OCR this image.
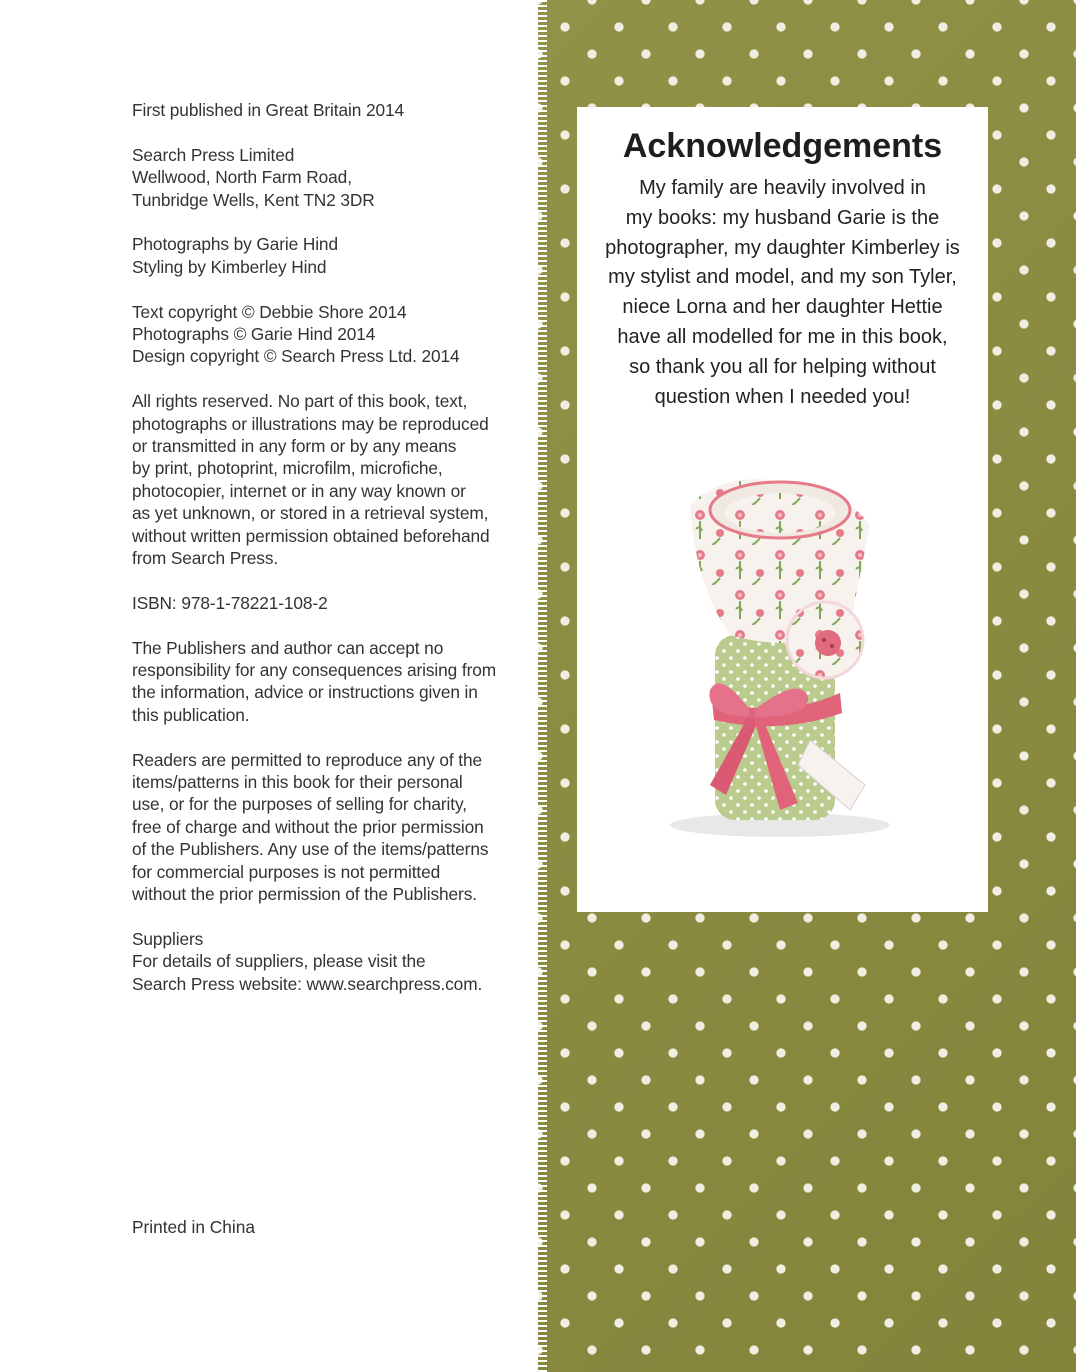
First published in Great Britain 2014

Search Press Limited
Wellwood, North Farm Road,
Tunbridge Wells, Kent TN2 3DR

Photographs by Garie Hind
Styling by Kimberley Hind

Text copyright © Debbie Shore 2014
Photographs © Garie Hind 2014
Design copyright © Search Press Ltd. 2014

All rights reserved. No part of this book, text,
photographs or illustrations may be reproduced
or transmitted in any form or by any means
by print, photoprint, microfilm, microfiche,
photocopier, internet or in any way known or
as yet unknown, or stored in a retrieval system,
without written permission obtained beforehand
from Search Press.

ISBN: 978-1-78221-108-2

The Publishers and author can accept no
responsibility for any consequences arising from
the information, advice or instructions given in
this publication.

Readers are permitted to reproduce any of the
items/patterns in this book for their personal
use, or for the purposes of selling for charity,
free of charge and without the prior permission
of the Publishers. Any use of the items/patterns
for commercial purposes is not permitted
without the prior permission of the Publishers.

Suppliers
For details of suppliers, please visit the
Search Press website: www.searchpress.com.

Printed in China
Acknowledgements
My family are heavily involved in
my books: my husband Garie is the
photographer, my daughter Kimberley is
my stylist and model, and my son Tyler,
niece Lorna and her daughter Hettie
have all modelled for me in this book,
so thank you all for helping without
question when I needed you!
